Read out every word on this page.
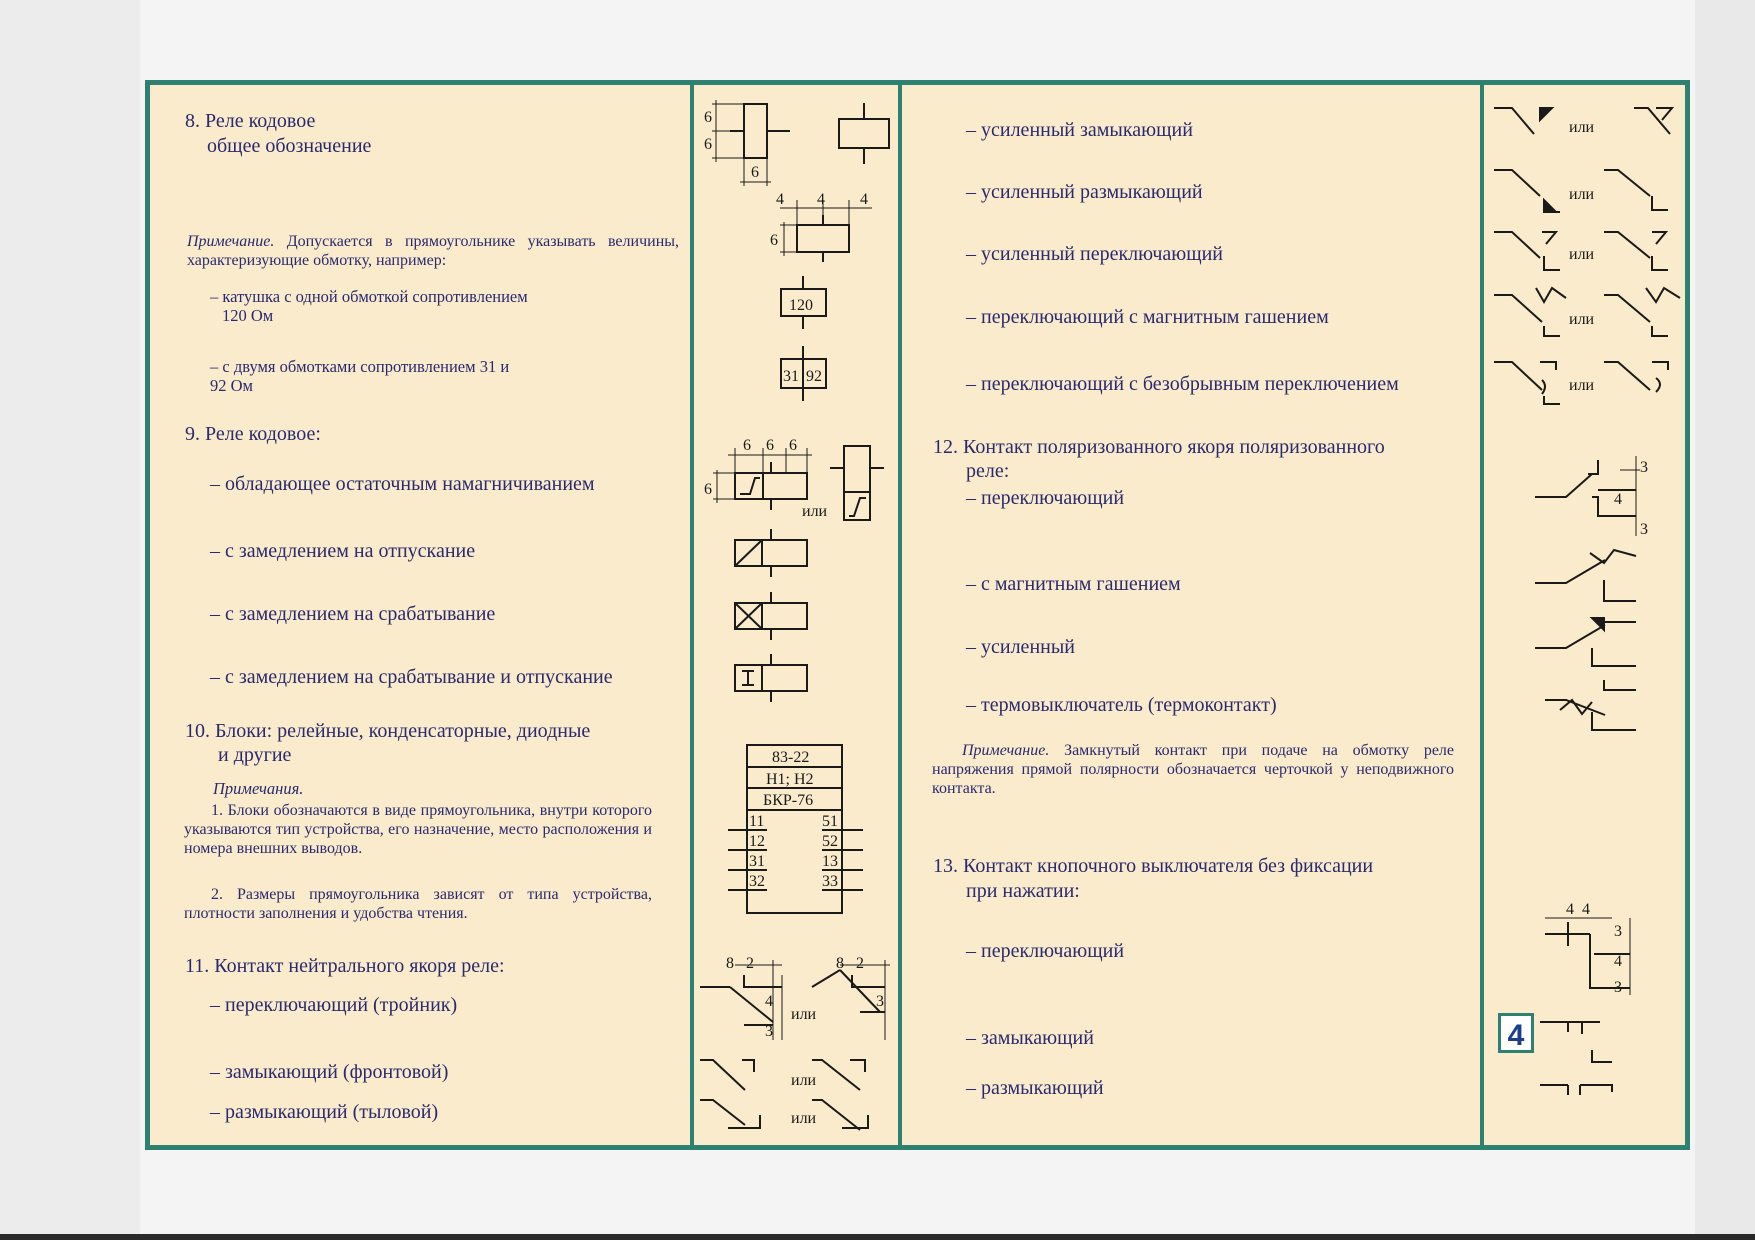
8. Реле кодовое
общее обозначение
Примечание. Допускается в прямоугольнике указывать величины, характеризующие обмотку, например:
– катушка с одной обмоткой сопротивлением
120 Ом
– с двумя обмотками сопротивлением 31 и
92 Ом
9. Реле кодовое:
– обладающее остаточным намагничиванием
– с замедлением на отпускание
– с замедлением на срабатывание
– с замедлением на срабатывание и отпускание
10. Блоки: релейные, конденсаторные, диодные
и другие
Примечания.
1. Блоки обозначаются в виде прямоугольника, внутри которого указываются тип устройства, его назначение, место расположения и номера внешних выводов.
2. Размеры прямоугольника зависят от типа устройства, плотности заполнения и удобства чтения.
11. Контакт нейтрального якоря реле:
– переключающий (тройник)
– замыкающий (фронтовой)
– размыкающий (тыловой)
– усиленный замыкающий
– усиленный размыкающий
– усиленный переключающий
– переключающий с магнитным гашением
– переключающий с безобрывным переключением
12. Контакт поляризованного якоря поляризованного
реле:
– переключающий
– с магнитным гашением
– усиленный
– термовыключатель (термоконтакт)
Примечание. Замкнутый контакт при подаче на обмотку реле напряжения прямой полярности обозначается черточкой у неподвижного контакта.
13. Контакт кнопочного выключателя без фиксации
при нажатии:
– переключающий
– замыкающий
– размыкающий
6
6
6
4 4 4
6
120
31 92
6 6 6
6
или
83-22
Н1; Н2
БКР-76
11
12
31
32
51
52
13
33
8 2	8 2
4
3
3
или
или
или
или
или
или
или
или
3
4
3
4 4
3
4
3
4
